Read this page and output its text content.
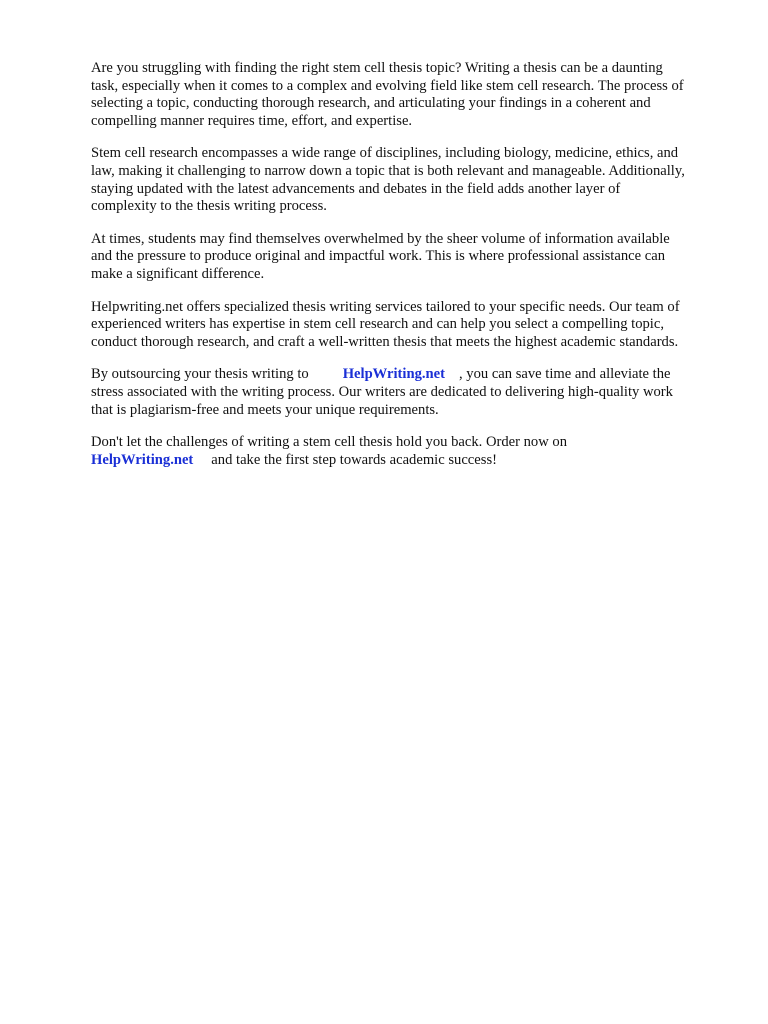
Are you struggling with finding the right stem cell thesis topic? Writing a thesis can be a daunting
task, especially when it comes to a complex and evolving field like stem cell research. The process of
selecting a topic, conducting thorough research, and articulating your findings in a coherent and
compelling manner requires time, effort, and expertise.

Stem cell research encompasses a wide range of disciplines, including biology, medicine, ethics, and
law, making it challenging to narrow down a topic that is both relevant and manageable. Additionally,
staying updated with the latest advancements and debates in the field adds another layer of
complexity to the thesis writing process.

At times, students may find themselves overwhelmed by the sheer volume of information available
and the pressure to produce original and impactful work. This is where professional assistance can
make a significant difference.

Helpwriting.net offers specialized thesis writing services tailored to your specific needs. Our team of
experienced writers has expertise in stem cell research and can help you select a compelling topic,
conduct thorough research, and craft a well-written thesis that meets the highest academic standards.

By outsourcing your thesis writing to HelpWriting.net , you can save time and alleviate the
stress associated with the writing process. Our writers are dedicated to delivering high-quality work
that is plagiarism-free and meets your unique requirements.

Don't let the challenges of writing a stem cell thesis hold you back. Order now on
HelpWriting.net and take the first step towards academic success!
